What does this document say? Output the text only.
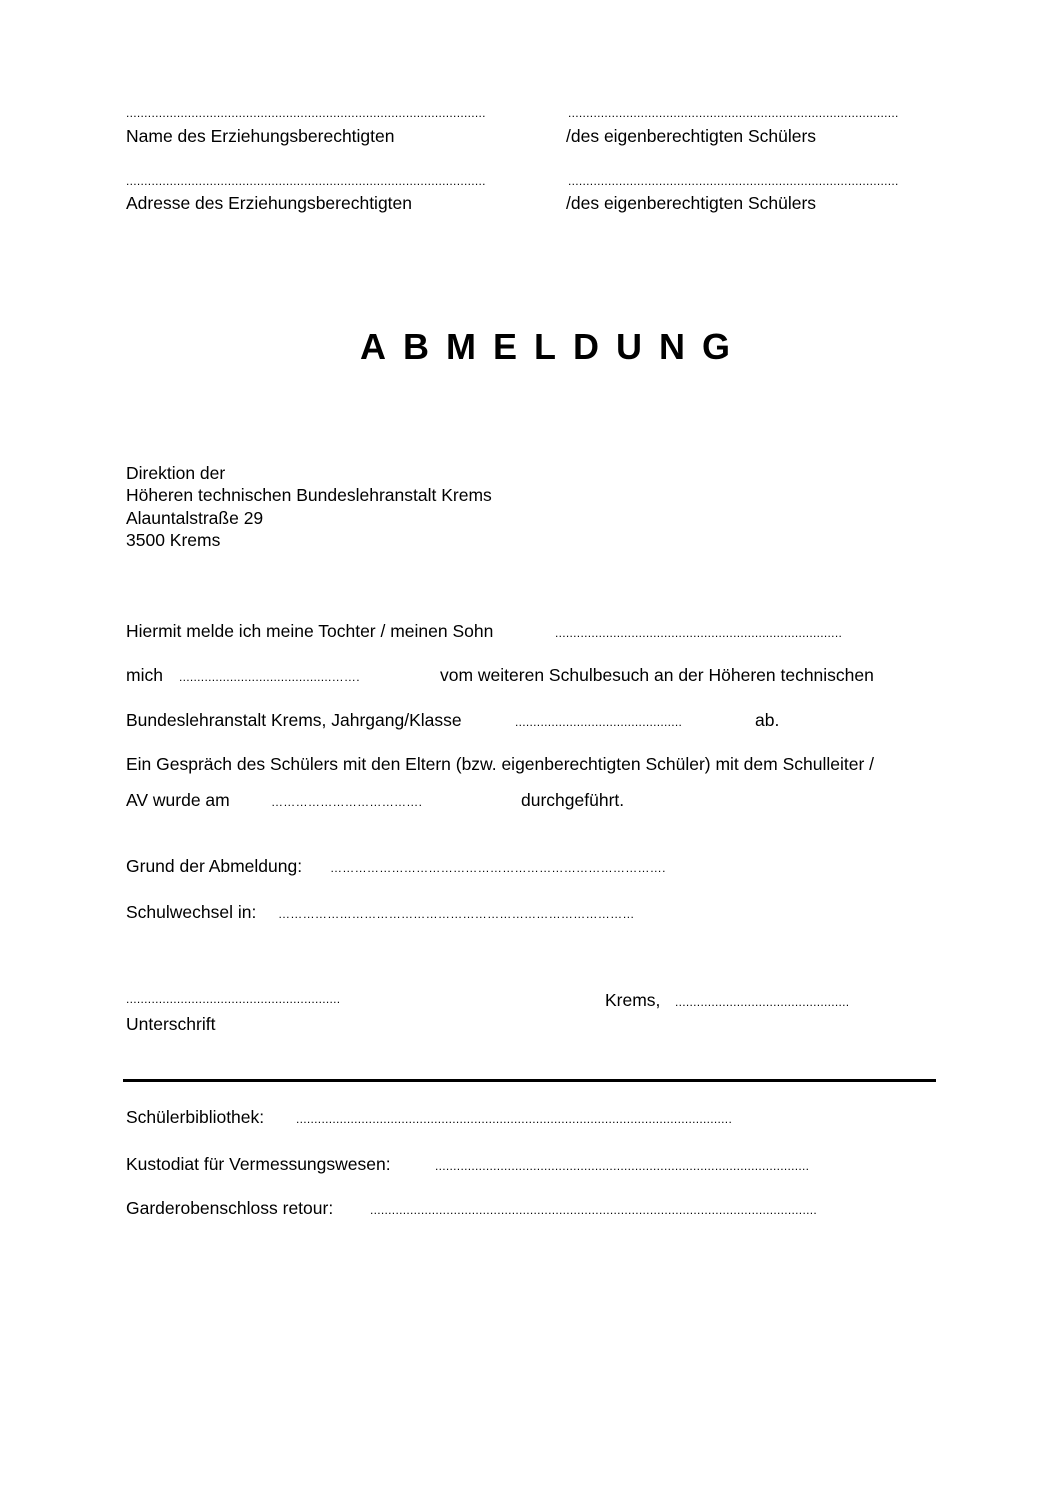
...................................................................................................
Name des Erziehungsberechtigten
...........................................................................................
/des eigenberechtigten Schülers
...................................................................................................
Adresse des Erziehungsberechtigten
...........................................................................................
/des eigenberechtigten Schülers
ABMELDUNG
Direktion der
Höheren technischen Bundeslehranstalt Krems
Alauntalstraße 29
3500 Krems
Hiermit melde ich meine Tochter / meinen Sohn	...............................................................................
mich ..........................................…….	vom weiteren Schulbesuch an der Höheren technischen
Bundeslehranstalt Krems, Jahrgang/Klasse	..............................................	ab.
Ein Gespräch des Schülers mit den Eltern (bzw. eigenberechtigten Schüler) mit dem Schulleiter /
AV wurde am	……………………………….	durchgeführt.
Grund der Abmeldung: ……………………………………………………………………….
Schulwechsel in: ……………………………………………………………………………
...........................................................
Unterschrift
Krems, ................................................
Schülerbibliothek:	........................................................................................................................
Kustodiat für Vermessungswesen:	.......................................................................................................
Garderobenschloss retour:	...........................................................................................................................
